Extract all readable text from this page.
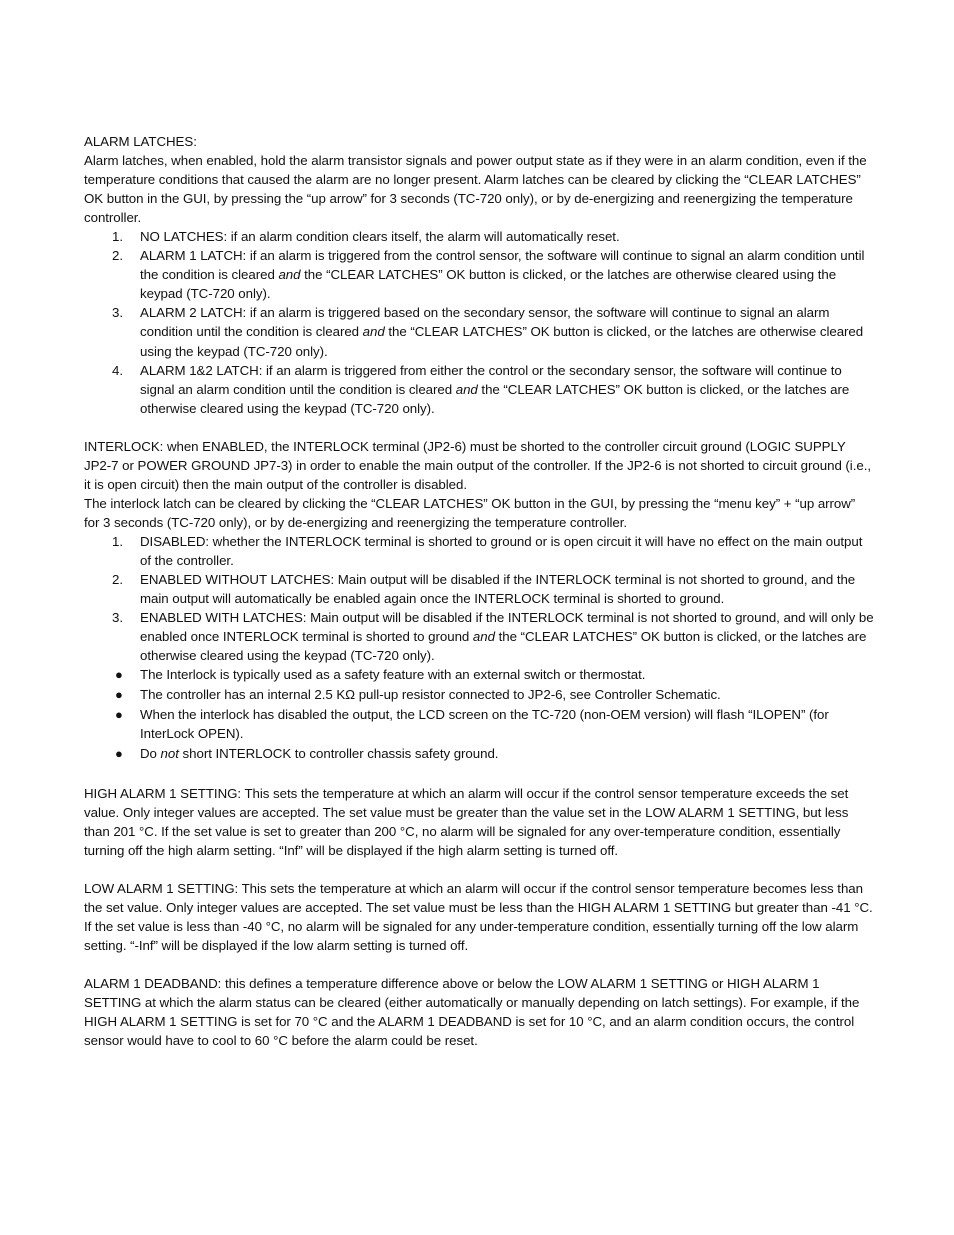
ALARM LATCHES:

Alarm latches, when enabled, hold the alarm transistor signals and power output state as if they were in an alarm condition, even if the temperature conditions that caused the alarm are no longer present. Alarm latches can be cleared by clicking the “CLEAR LATCHES” OK button in the GUI, by pressing the “up arrow” for 3 seconds (TC-720 only), or by de-energizing and reenergizing the temperature controller.

1. NO LATCHES: if an alarm condition clears itself, the alarm will automatically reset.
2. ALARM 1 LATCH: if an alarm is triggered from the control sensor, the software will continue to signal an alarm condition until the condition is cleared and the “CLEAR LATCHES” OK button is clicked, or the latches are otherwise cleared using the keypad (TC-720 only).
3. ALARM 2 LATCH: if an alarm is triggered based on the secondary sensor, the software will continue to signal an alarm condition until the condition is cleared and the “CLEAR LATCHES” OK button is clicked, or the latches are otherwise cleared using the keypad (TC-720 only).
4. ALARM 1&2 LATCH: if an alarm is triggered from either the control or the secondary sensor, the software will continue to signal an alarm condition until the condition is cleared and the “CLEAR LATCHES” OK button is clicked, or the latches are otherwise cleared using the keypad (TC-720 only).

INTERLOCK: when ENABLED, the INTERLOCK terminal (JP2-6) must be shorted to the controller circuit ground (LOGIC SUPPLY JP2-7 or POWER GROUND JP7-3) in order to enable the main output of the controller. If the JP2-6 is not shorted to circuit ground (i.e., it is open circuit) then the main output of the controller is disabled.

The interlock latch can be cleared by clicking the “CLEAR LATCHES” OK button in the GUI, by pressing the “menu key” + “up arrow” for 3 seconds (TC-720 only), or by de-energizing and reenergizing the temperature controller.

1. DISABLED: whether the INTERLOCK terminal is shorted to ground or is open circuit it will have no effect on the main output of the controller.
2. ENABLED WITHOUT LATCHES: Main output will be disabled if the INTERLOCK terminal is not shorted to ground, and the main output will automatically be enabled again once the INTERLOCK terminal is shorted to ground.
3. ENABLED WITH LATCHES: Main output will be disabled if the INTERLOCK terminal is not shorted to ground, and will only be enabled once INTERLOCK terminal is shorted to ground and the “CLEAR LATCHES” OK button is clicked, or the latches are otherwise cleared using the keypad (TC-720 only).
● The Interlock is typically used as a safety feature with an external switch or thermostat.
● The controller has an internal 2.5 KΩ pull-up resistor connected to JP2-6, see Controller Schematic.
● When the interlock has disabled the output, the LCD screen on the TC-720 (non-OEM version) will flash “ILOPEN” (for InterLock OPEN).
● Do not short INTERLOCK to controller chassis safety ground.

HIGH ALARM 1 SETTING: This sets the temperature at which an alarm will occur if the control sensor temperature exceeds the set value. Only integer values are accepted. The set value must be greater than the value set in the LOW ALARM 1 SETTING, but less than 201 °C. If the set value is set to greater than 200 °C, no alarm will be signaled for any over-temperature condition, essentially turning off the high alarm setting. “Inf” will be displayed if the high alarm setting is turned off.

LOW ALARM 1 SETTING: This sets the temperature at which an alarm will occur if the control sensor temperature becomes less than the set value. Only integer values are accepted. The set value must be less than the HIGH ALARM 1 SETTING but greater than -41 °C. If the set value is less than -40 °C, no alarm will be signaled for any under-temperature condition, essentially turning off the low alarm setting. “-Inf” will be displayed if the low alarm setting is turned off.

ALARM 1 DEADBAND: this defines a temperature difference above or below the LOW ALARM 1 SETTING or HIGH ALARM 1 SETTING at which the alarm status can be cleared (either automatically or manually depending on latch settings). For example, if the HIGH ALARM 1 SETTING is set for 70 °C and the ALARM 1 DEADBAND is set for 10 °C, and an alarm condition occurs, the control sensor would have to cool to 60 °C before the alarm could be reset.
